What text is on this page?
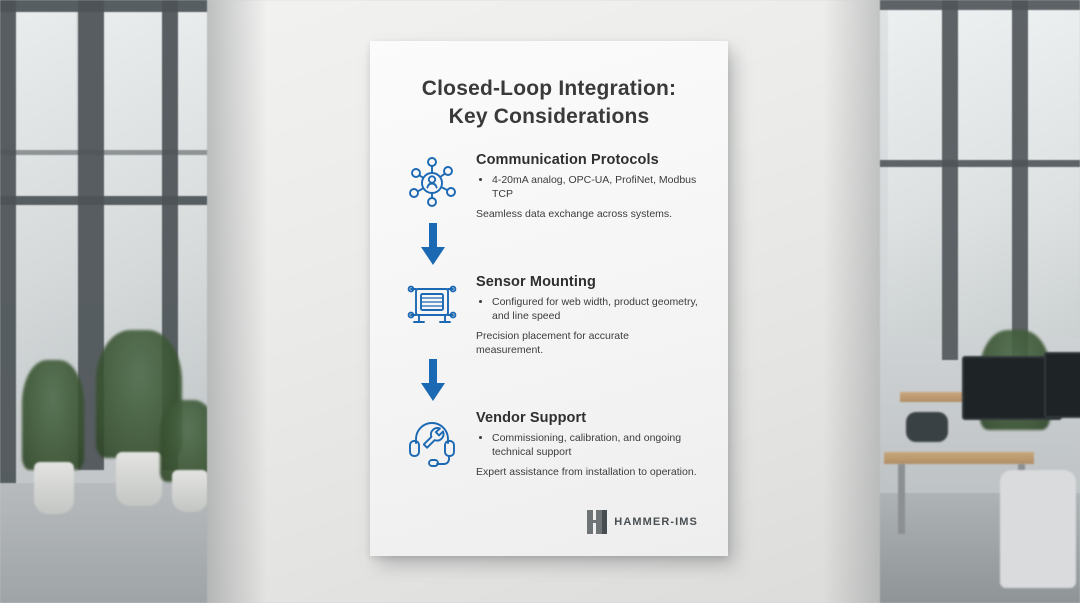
Closed-Loop Integration:
Key Considerations
Communication Protocols
• 4-20mA analog, OPC-UA, ProfiNet, Modbus TCP

Seamless data exchange across systems.

Sensor Mounting
• Configured for web width, product geometry, and line speed

Precision placement for accurate measurement.

Vendor Support
• Commissioning, calibration, and ongoing technical support

Expert assistance from installation to operation.

HAMMER-IMS
